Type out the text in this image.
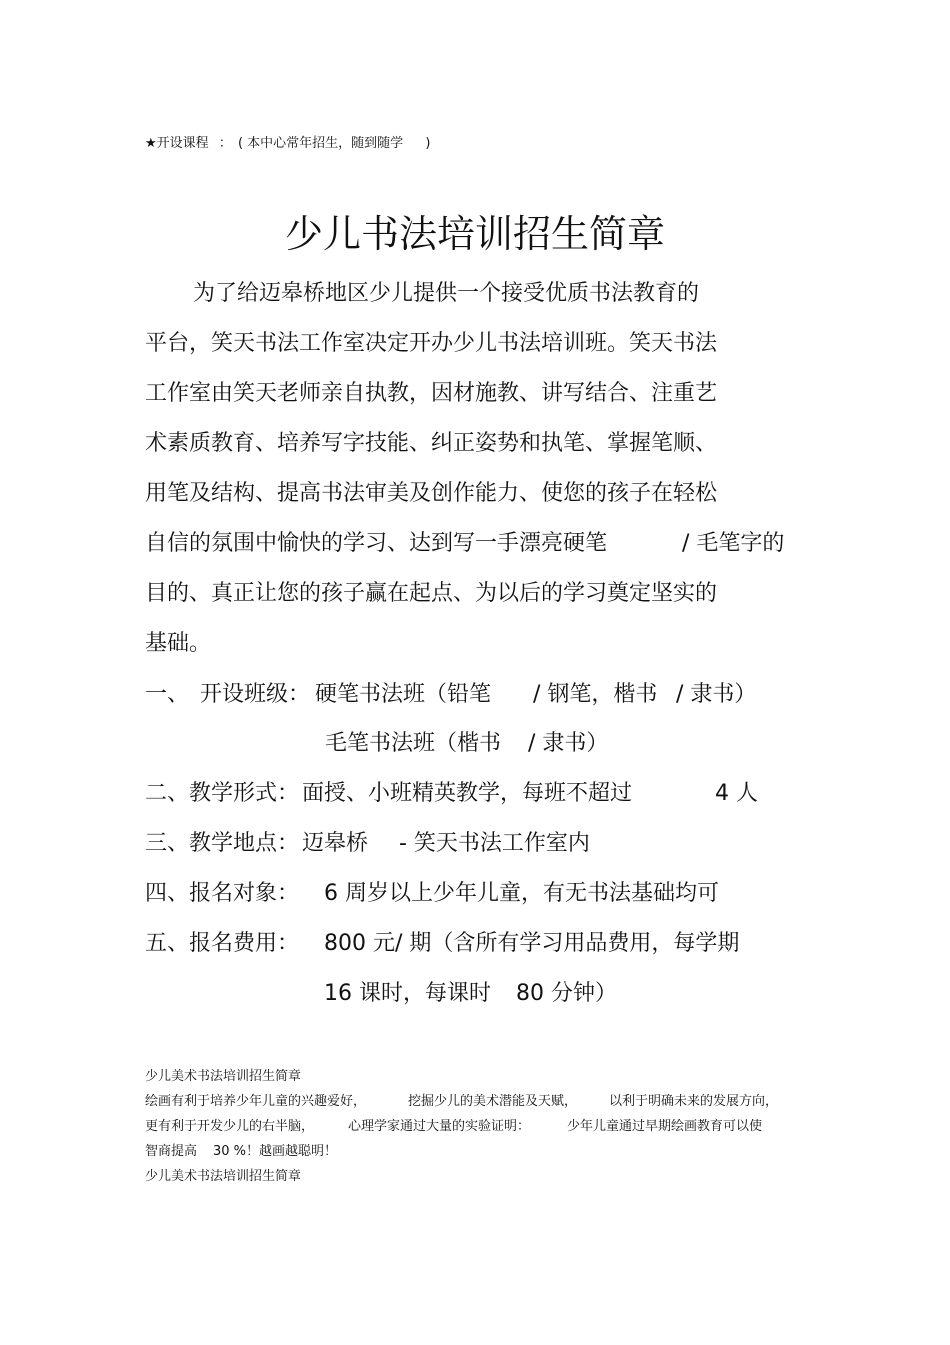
★开设课程 ： ( 本中心常年招生，随到随学 )
少儿书法培训招生简章
为了给迈皋桥地区少儿提供一个接受优质书法教育的
平台，笑天书法工作室决定开办少儿书法培训班。笑天书法
工作室由笑天老师亲自执教，因材施教、讲写结合、注重艺
术素质教育、培养写字技能、纠正姿势和执笔、掌握笔顺、
用笔及结构、提高书法审美及创作能力、使您的孩子在轻松
自信的氛围中愉快的学习、达到写一手漂亮硬笔	/ 毛笔字的
目的、真正让您的孩子赢在起点、为以后的学习奠定坚实的
基础。
一、 开设班级： 硬笔书法班（铅笔 / 钢笔，楷书 / 隶书）
毛笔书法班（楷书 / 隶书）
二、教学形式： 面授、小班精英教学，每班不超过	4 人
三、教学地点： 迈皋桥 - 笑天书法工作室内
四、报名对象： 6 周岁以上少年儿童，有无书法基础均可
五、报名费用： 800 元/ 期（含所有学习用品费用，每学期
16 课时，每课时 80 分钟）
少儿美术书法培训招生简章
绘画有利于培养少年儿童的兴趣爱好，	挖掘少儿的美术潜能及天赋， 以利于明确未来的发展方向，
更有利于开发少儿的右半脑，	心理学家通过大量的实验证明：	少年儿童通过早期绘画教育可以使
智商提高 30 %！越画越聪明！
少儿美术书法培训招生简章
